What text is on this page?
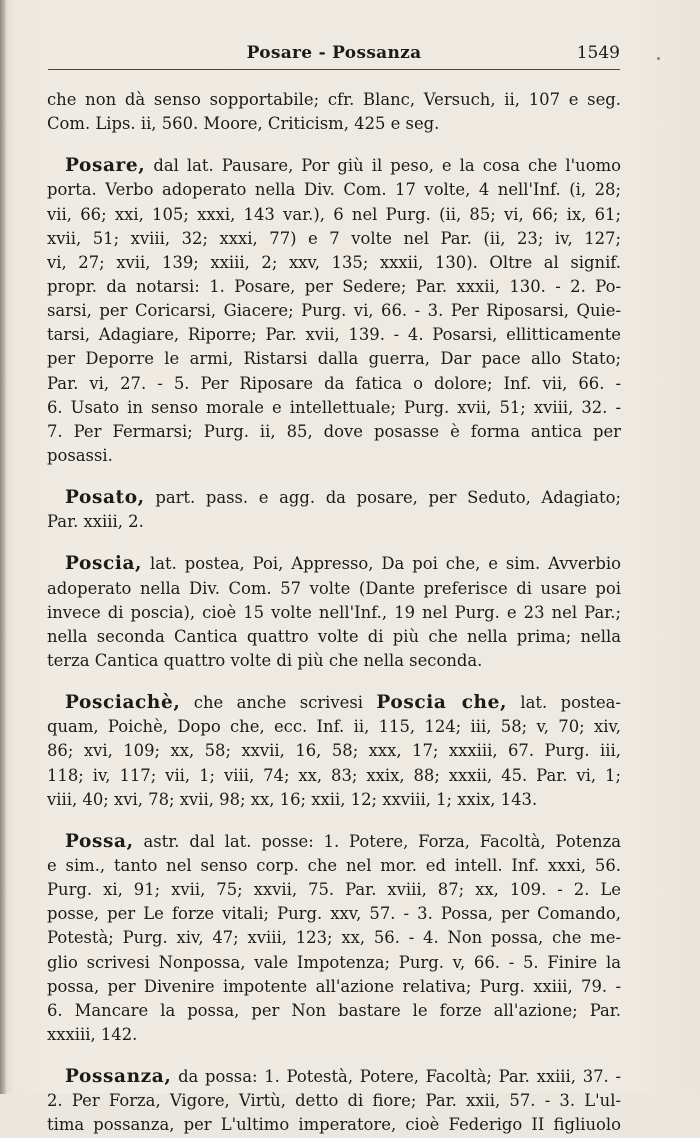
Posare - Possanza	1549
che non dà senso sopportabile; cfr. Blanc, Versuch, ii, 107 e seg.
Com. Lips. ii, 560. Moore, Criticism, 425 e seg.
Posare, dal lat. Pausare, Por giù il peso, e la cosa che l'uomo
porta. Verbo adoperato nella Div. Com. 17 volte, 4 nell'Inf. (i, 28;
vii, 66; xxi, 105; xxxi, 143 var.), 6 nel Purg. (ii, 85; vi, 66; ix, 61;
xvii, 51; xviii, 32; xxxi, 77) e 7 volte nel Par. (ii, 23; iv, 127;
vi, 27; xvii, 139; xxiii, 2; xxv, 135; xxxii, 130). Oltre al signif.
propr. da notarsi: 1. Posare, per Sedere; Par. xxxii, 130. - 2. Po-
sarsi, per Coricarsi, Giacere; Purg. vi, 66. - 3. Per Riposarsi, Quie-
tarsi, Adagiare, Riporre; Par. xvii, 139. - 4. Posarsi, ellitticamente
per Deporre le armi, Ristarsi dalla guerra, Dar pace allo Stato;
Par. vi, 27. - 5. Per Riposare da fatica o dolore; Inf. vii, 66. -
6. Usato in senso morale e intellettuale; Purg. xvii, 51; xviii, 32. -
7. Per Fermarsi; Purg. ii, 85, dove posasse è forma antica per
posassi.
Posato, part. pass. e agg. da posare, per Seduto, Adagiato;
Par. xxiii, 2.
Poscia, lat. postea, Poi, Appresso, Da poi che, e sim. Avverbio
adoperato nella Div. Com. 57 volte (Dante preferisce di usare poi
invece di poscia), cioè 15 volte nell'Inf., 19 nel Purg. e 23 nel Par.;
nella seconda Cantica quattro volte di più che nella prima; nella
terza Cantica quattro volte di più che nella seconda.
Posciachè, che anche scrivesi Poscia che, lat. postea-
quam, Poichè, Dopo che, ecc. Inf. ii, 115, 124; iii, 58; v, 70; xiv,
86; xvi, 109; xx, 58; xxvii, 16, 58; xxx, 17; xxxiii, 67. Purg. iii,
118; iv, 117; vii, 1; viii, 74; xx, 83; xxix, 88; xxxii, 45. Par. vi, 1;
viii, 40; xvi, 78; xvii, 98; xx, 16; xxii, 12; xxviii, 1; xxix, 143.
Possa, astr. dal lat. posse: 1. Potere, Forza, Facoltà, Potenza
e sim., tanto nel senso corp. che nel mor. ed intell. Inf. xxxi, 56.
Purg. xi, 91; xvii, 75; xxvii, 75. Par. xviii, 87; xx, 109. - 2. Le
posse, per Le forze vitali; Purg. xxv, 57. - 3. Possa, per Comando,
Potestà; Purg. xiv, 47; xviii, 123; xx, 56. - 4. Non possa, che me-
glio scrivesi Nonpossa, vale Impotenza; Purg. v, 66. - 5. Finire la
possa, per Divenire impotente all'azione relativa; Purg. xxiii, 79. -
6. Mancare la possa, per Non bastare le forze all'azione; Par.
xxxiii, 142.
Possanza, da possa: 1. Potestà, Potere, Facoltà; Par. xxiii, 37. -
2. Per Forza, Vigore, Virtù, detto di fiore; Par. xxii, 57. - 3. L'ul-
tima possanza, per L'ultimo imperatore, cioè Federigo II figliuolo
